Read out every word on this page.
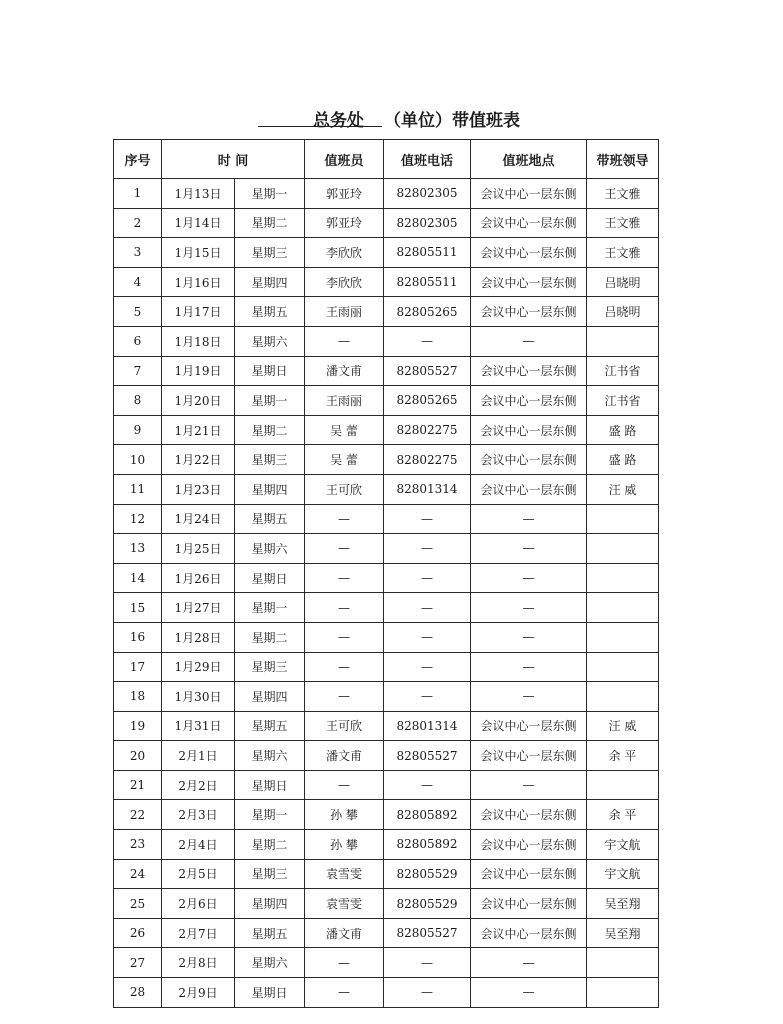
总务处 （单位）带值班表
序号	时 间		值班员	值班电话	值班地点	带班领导
1	1月13日	星期一	郭亚玲	82802305	会议中心一层东侧	王文雅
2	1月14日	星期二	郭亚玲	82802305	会议中心一层东侧	王文雅
3	1月15日	星期三	李欣欣	82805511	会议中心一层东侧	王文雅
4	1月16日	星期四	李欣欣	82805511	会议中心一层东侧	吕晓明
5	1月17日	星期五	王雨丽	82805265	会议中心一层东侧	吕晓明
6	1月18日	星期六	—	—	—	
7	1月19日	星期日	潘文甫	82805527	会议中心一层东侧	江书省
8	1月20日	星期一	王雨丽	82805265	会议中心一层东侧	江书省
9	1月21日	星期二	吴 蕾	82802275	会议中心一层东侧	盛 路
10	1月22日	星期三	吴 蕾	82802275	会议中心一层东侧	盛 路
11	1月23日	星期四	王可欣	82801314	会议中心一层东侧	汪 威
12	1月24日	星期五	—	—	—	
13	1月25日	星期六	—	—	—	
14	1月26日	星期日	—	—	—	
15	1月27日	星期一	—	—	—	
16	1月28日	星期二	—	—	—	
17	1月29日	星期三	—	—	—	
18	1月30日	星期四	—	—	—	
19	1月31日	星期五	王可欣	82801314	会议中心一层东侧	汪 威
20	2月1日	星期六	潘文甫	82805527	会议中心一层东侧	余 平
21	2月2日	星期日	—	—	—	
22	2月3日	星期一	孙 攀	82805892	会议中心一层东侧	余 平
23	2月4日	星期二	孙 攀	82805892	会议中心一层东侧	宇文航
24	2月5日	星期三	袁雪雯	82805529	会议中心一层东侧	宇文航
25	2月6日	星期四	袁雪雯	82805529	会议中心一层东侧	吴至翔
26	2月7日	星期五	潘文甫	82805527	会议中心一层东侧	吴至翔
27	2月8日	星期六	—	—	—	
28	2月9日	星期日	—	—	—	
